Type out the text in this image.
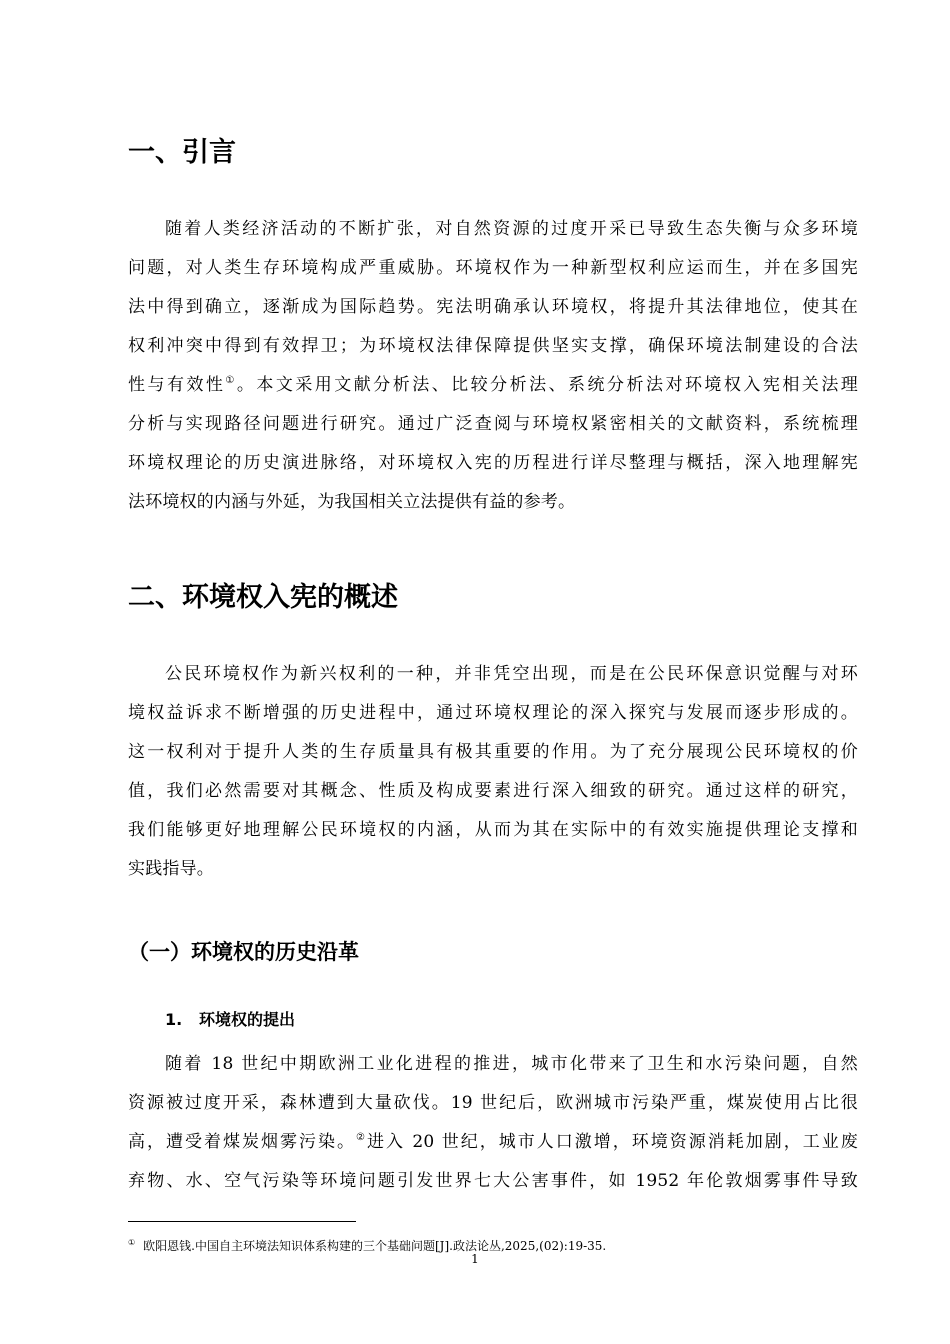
一、引言
随着人类经济活动的不断扩张，对自然资源的过度开采已导致生态失衡与众多环境
问题，对人类生存环境构成严重威胁。环境权作为一种新型权利应运而生，并在多国宪
法中得到确立，逐渐成为国际趋势。宪法明确承认环境权，将提升其法律地位，使其在
权利冲突中得到有效捍卫；为环境权法律保障提供坚实支撑，确保环境法制建设的合法
性与有效性①。本文采用文献分析法、比较分析法、系统分析法对环境权入宪相关法理
分析与实现路径问题进行研究。通过广泛查阅与环境权紧密相关的文献资料，系统梳理
环境权理论的历史演进脉络，对环境权入宪的历程进行详尽整理与概括，深入地理解宪
法环境权的内涵与外延，为我国相关立法提供有益的参考。
二、环境权入宪的概述
公民环境权作为新兴权利的一种，并非凭空出现，而是在公民环保意识觉醒与对环
境权益诉求不断增强的历史进程中，通过环境权理论的深入探究与发展而逐步形成的。
这一权利对于提升人类的生存质量具有极其重要的作用。为了充分展现公民环境权的价
值，我们必然需要对其概念、性质及构成要素进行深入细致的研究。通过这样的研究，
我们能够更好地理解公民环境权的内涵，从而为其在实际中的有效实施提供理论支撑和
实践指导。
（一）环境权的历史沿革
1. 环境权的提出
随着 18 世纪中期欧洲工业化进程的推进，城市化带来了卫生和水污染问题，自然
资源被过度开采，森林遭到大量砍伐。19 世纪后，欧洲城市污染严重，煤炭使用占比很
高，遭受着煤炭烟雾污染。②进入 20 世纪，城市人口激增，环境资源消耗加剧，工业废
弃物、水、空气污染等环境问题引发世界七大公害事件，如 1952 年伦敦烟雾事件导致

① 欧阳恩钱.中国自主环境法知识体系构建的三个基础问题[J].政法论丛,2025,(02):19-35.

1
